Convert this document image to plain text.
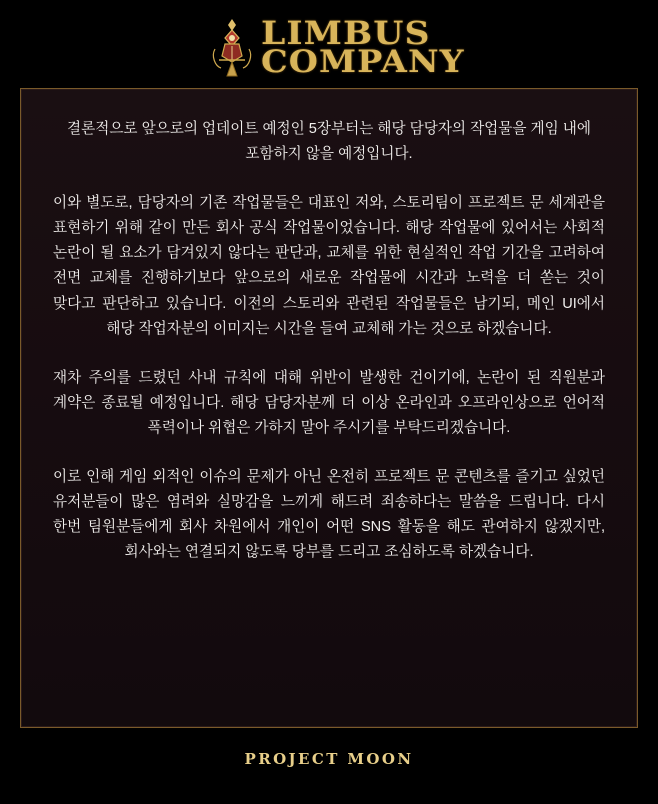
LIMBUS
COMPANY

결론적으로 앞으로의 업데이트 예정인 5장부터는 해당 담당자의 작업물을 게임 내에 포함하지 않을 예정입니다.

이와 별도로, 담당자의 기존 작업물들은 대표인 저와, 스토리팀이 프로젝트 문 세계관을 표현하기 위해 같이 만든 회사 공식 작업물이었습니다. 해당 작업물에 있어서는 사회적 논란이 될 요소가 담겨있지 않다는 판단과, 교체를 위한 현실적인 작업 기간을 고려하여 전면 교체를 진행하기보다 앞으로의 새로운 작업물에 시간과 노력을 더 쏟는 것이 맞다고 판단하고 있습니다. 이전의 스토리와 관련된 작업물들은 남기되, 메인 UI에서 해당 작업자분의 이미지는 시간을 들여 교체해 가는 것으로 하겠습니다.

재차 주의를 드렸던 사내 규칙에 대해 위반이 발생한 건이기에, 논란이 된 직원분과 계약은 종료될 예정입니다. 해당 담당자분께 더 이상 온라인과 오프라인상으로 언어적 폭력이나 위협은 가하지 말아 주시기를 부탁드리겠습니다.

이로 인해 게임 외적인 이슈의 문제가 아닌 온전히 프로젝트 문 콘텐츠를 즐기고 싶었던 유저분들이 많은 염려와 실망감을 느끼게 해드려 죄송하다는 말씀을 드립니다. 다시 한번 팀원분들에게 회사 차원에서 개인이 어떤 SNS 활동을 해도 관여하지 않겠지만, 회사와는 연결되지 않도록 당부를 드리고 조심하도록 하겠습니다.

PROJECT MOON
